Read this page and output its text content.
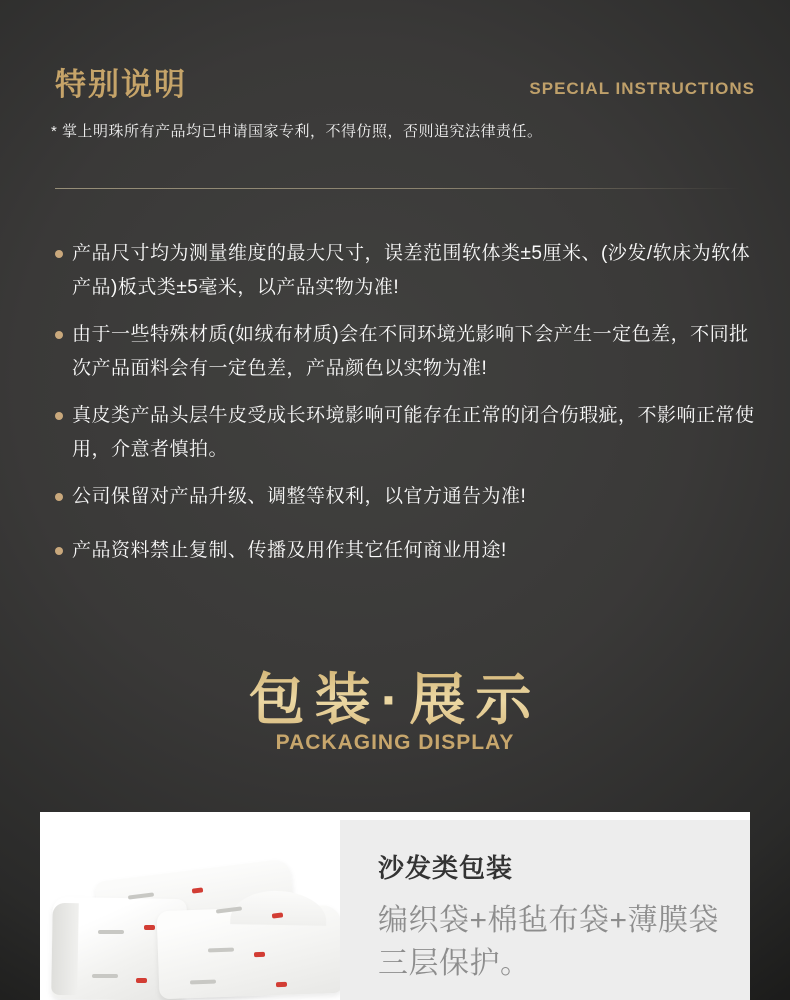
特别说明	SPECIAL INSTRUCTIONS

* 掌上明珠所有产品均已申请国家专利，不得仿照，否则追究法律责任。

产品尺寸均为测量维度的最大尺寸，误差范围软体类±5厘米、(沙发/软床为软体产品)板式类±5毫米，以产品实物为准!
由于一些特殊材质(如绒布材质)会在不同环境光影响下会产生一定色差，不同批次产品面料会有一定色差，产品颜色以实物为准!
真皮类产品头层牛皮受成长环境影响可能存在正常的闭合伤瑕疵，不影响正常使用，介意者慎拍。
公司保留对产品升级、调整等权利，以官方通告为准!
产品资料禁止复制、传播及用作其它任何商业用途!
包装·展示
PACKAGING DISPLAY
沙发类包装

编织袋+棉毡布袋+薄膜袋

三层保护。
